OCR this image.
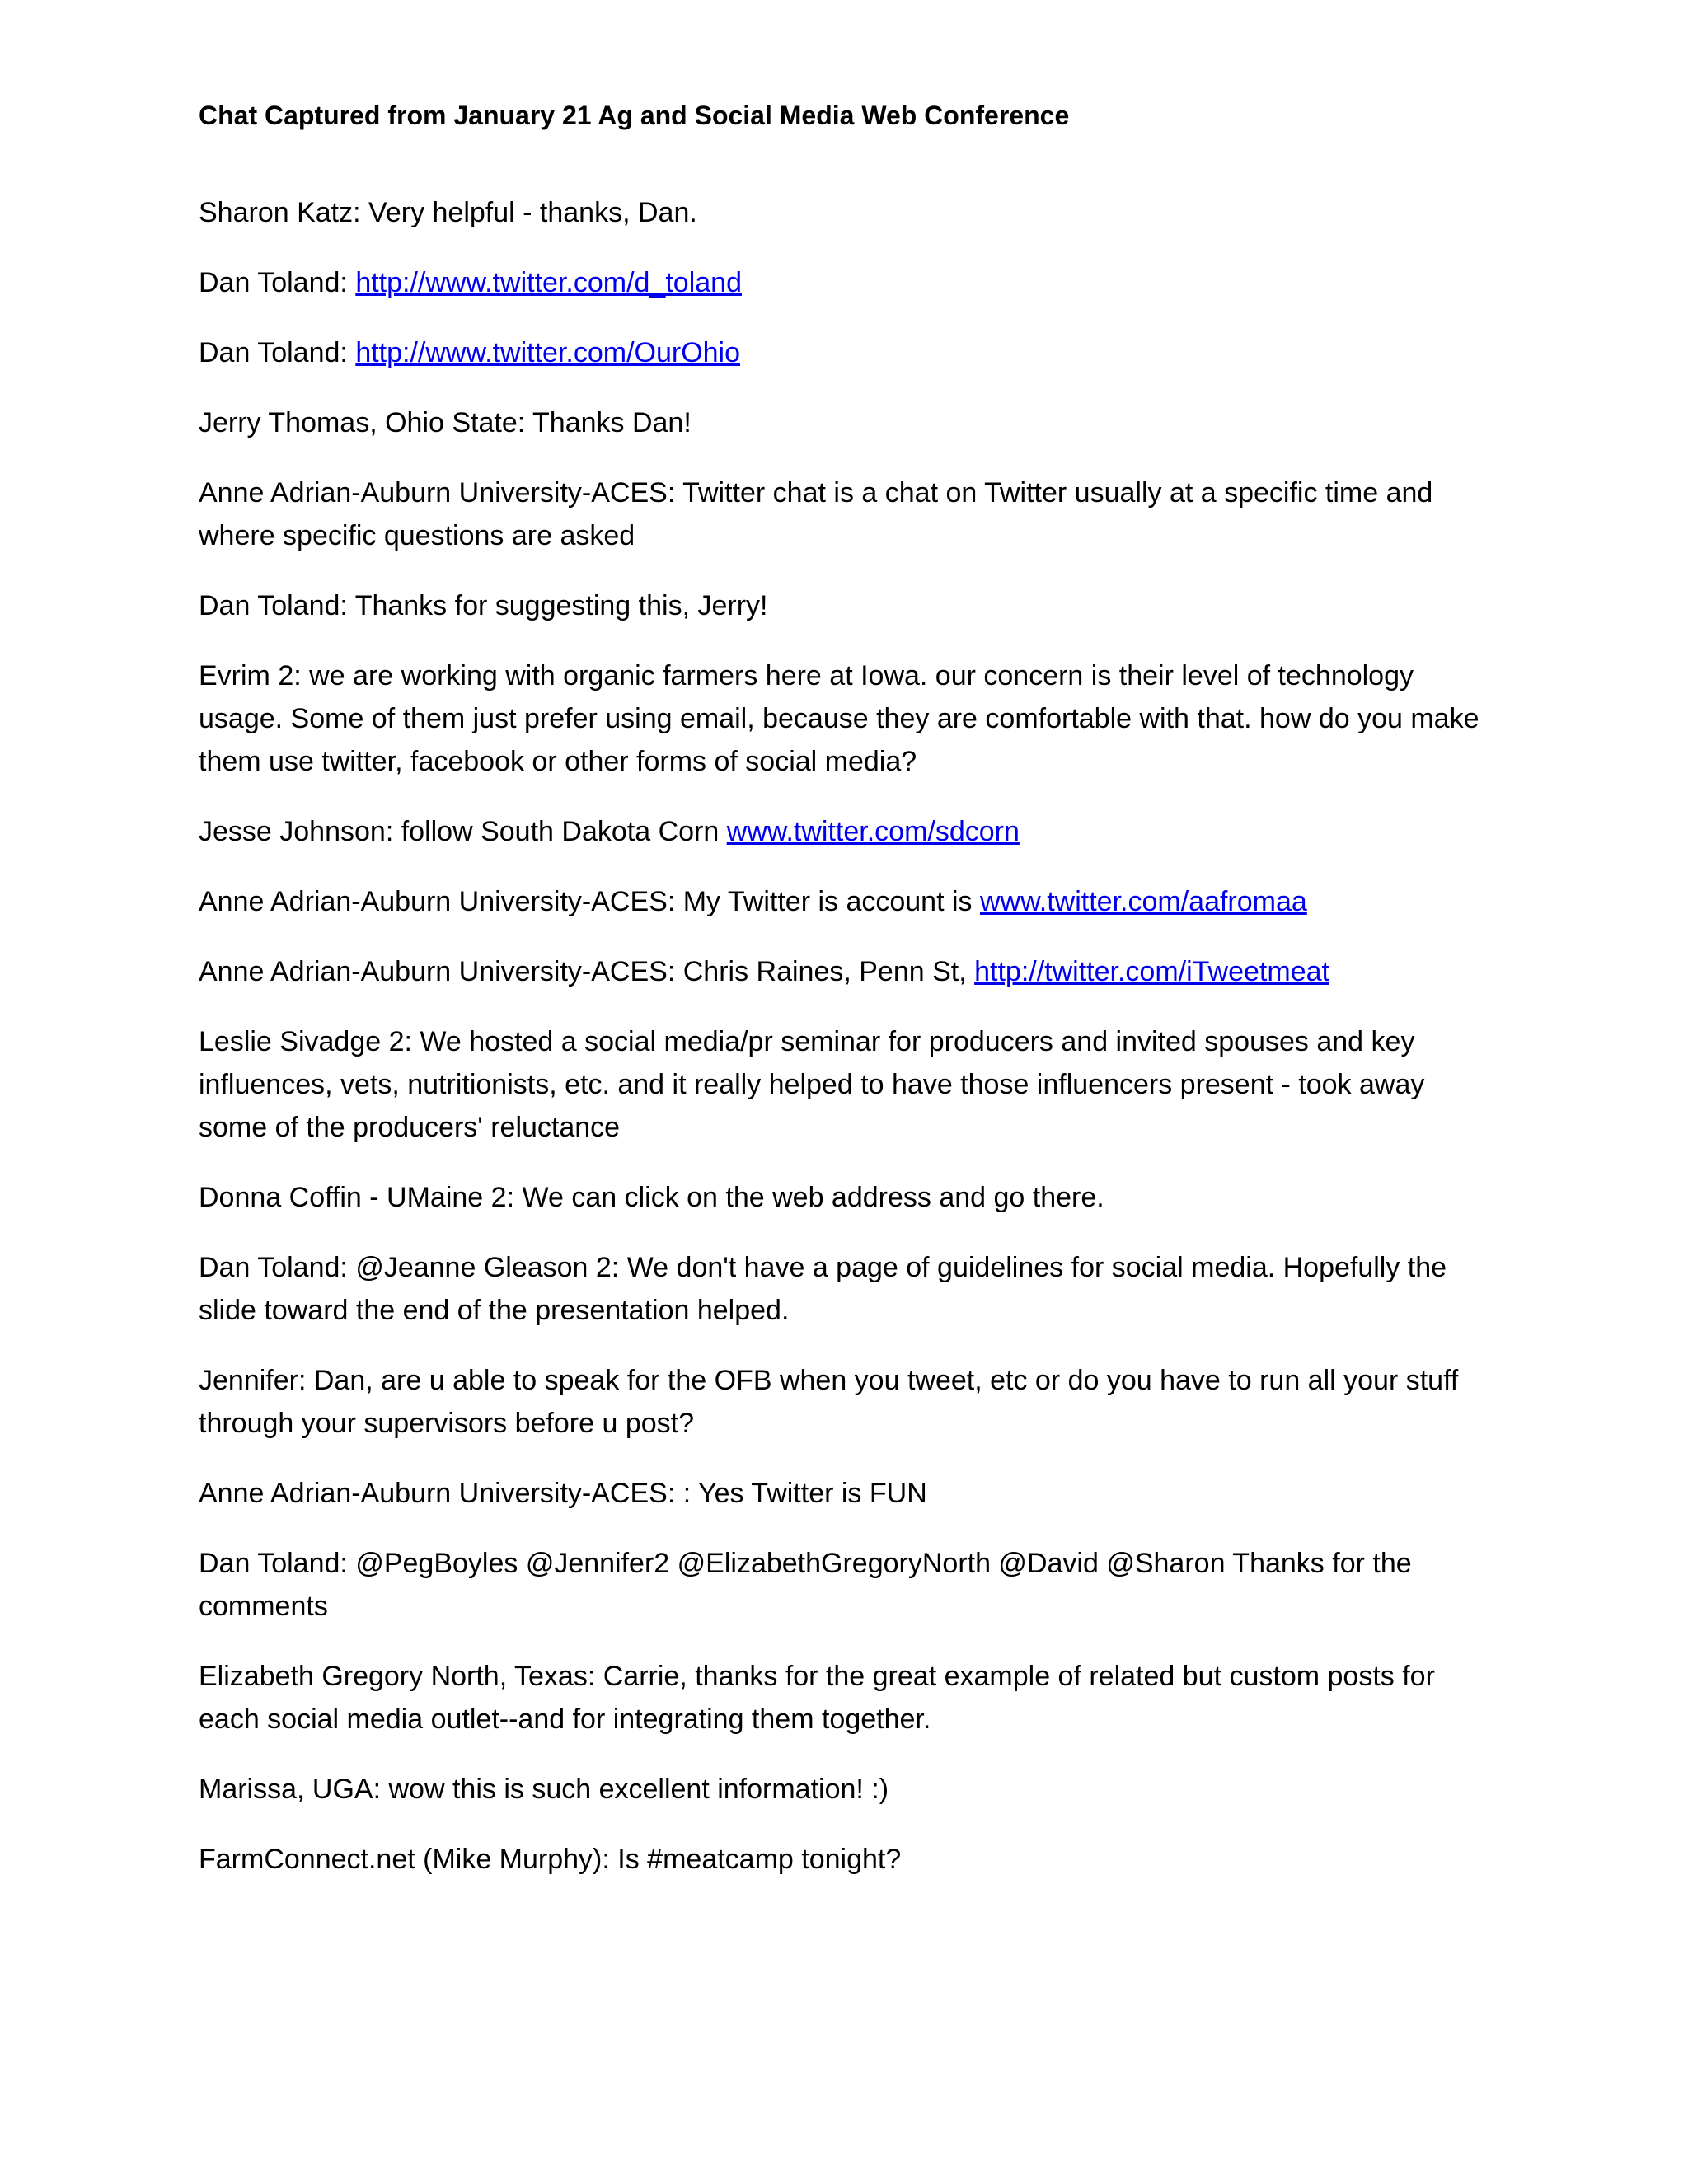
Chat Captured from January 21 Ag and Social Media Web Conference
Sharon Katz: Very helpful - thanks, Dan.
Dan Toland: http://www.twitter.com/d_toland
Dan Toland: http://www.twitter.com/OurOhio
Jerry Thomas, Ohio State: Thanks Dan!
Anne Adrian-Auburn University-ACES: Twitter chat is a chat on Twitter usually at a specific time and where specific questions are asked
Dan Toland: Thanks for suggesting this, Jerry!
Evrim 2: we are working with organic farmers here at Iowa. our concern is their level of technology usage. Some of them just prefer using email, because they are comfortable with that. how do you make them use twitter, facebook or other forms of social media?
Jesse Johnson: follow South Dakota Corn www.twitter.com/sdcorn
Anne Adrian-Auburn University-ACES: My Twitter is account is www.twitter.com/aafromaa
Anne Adrian-Auburn University-ACES: Chris Raines, Penn St, http://twitter.com/iTweetmeat
Leslie Sivadge 2: We hosted a social media/pr seminar for producers and invited spouses and key influences, vets, nutritionists, etc. and it really helped to have those influencers present - took away some of the producers' reluctance
Donna Coffin - UMaine 2: We can click on the web address and go there.
Dan Toland: @Jeanne Gleason 2: We don't have a page of guidelines for social media. Hopefully the slide toward the end of the presentation helped.
Jennifer: Dan, are u able to speak for the OFB when you tweet, etc or do you have to run all your stuff through your supervisors before u post?
Anne Adrian-Auburn University-ACES: : Yes Twitter is FUN
Dan Toland: @PegBoyles @Jennifer2 @ElizabethGregoryNorth @David @Sharon Thanks for the comments
Elizabeth Gregory North, Texas: Carrie, thanks for the great example of related but custom posts for each social media outlet--and for integrating them together.
Marissa, UGA: wow this is such excellent information! :)
FarmConnect.net (Mike Murphy): Is #meatcamp tonight?
